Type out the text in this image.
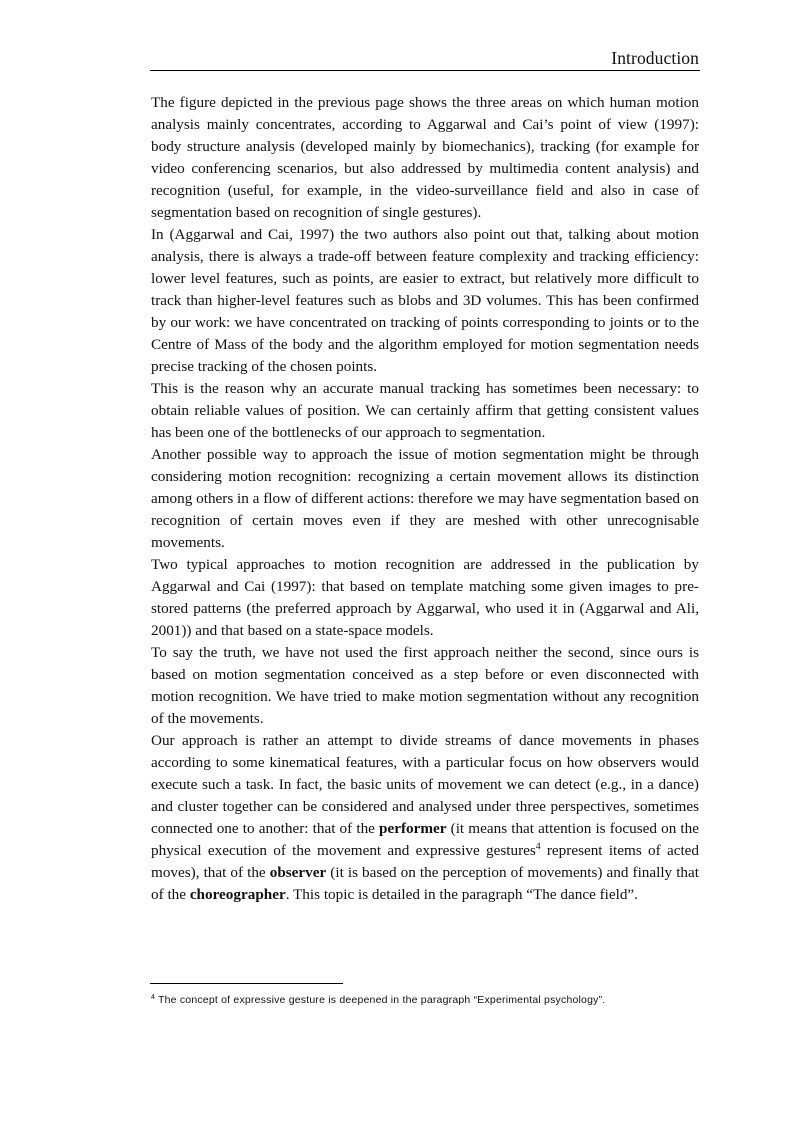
Introduction

The figure depicted in the previous page shows the three areas on which human motion analysis mainly concentrates, according to Aggarwal and Cai’s point of view (1997): body structure analysis (developed mainly by biomechanics), tracking (for example for video conferencing scenarios, but also addressed by multimedia content analysis) and recognition (useful, for example, in the video-surveillance field and also in case of segmentation based on recognition of single gestures).

In (Aggarwal and Cai, 1997) the two authors also point out that, talking about motion analysis, there is always a trade-off between feature complexity and tracking efficiency: lower level features, such as points, are easier to extract, but relatively more difficult to track than higher-level features such as blobs and 3D volumes. This has been confirmed by our work: we have concentrated on tracking of points corresponding to joints or to the Centre of Mass of the body and the algorithm employed for motion segmentation needs precise tracking of the chosen points.

This is the reason why an accurate manual tracking has sometimes been necessary: to obtain reliable values of position. We can certainly affirm that getting consistent values has been one of the bottlenecks of our approach to segmentation.

Another possible way to approach the issue of motion segmentation might be through considering motion recognition: recognizing a certain movement allows its distinction among others in a flow of different actions: therefore we may have segmentation based on recognition of certain moves even if they are meshed with other unrecognisable movements.

Two typical approaches to motion recognition are addressed in the publication by Aggarwal and Cai (1997): that based on template matching some given images to pre-stored patterns (the preferred approach by Aggarwal, who used it in (Aggarwal and Ali, 2001)) and that based on a state-space models.

To say the truth, we have not used the first approach neither the second, since ours is based on motion segmentation conceived as a step before or even disconnected with motion recognition. We have tried to make motion segmentation without any recognition of the movements.

Our approach is rather an attempt to divide streams of dance movements in phases according to some kinematical features, with a particular focus on how observers would execute such a task. In fact, the basic units of movement we can detect (e.g., in a dance) and cluster together can be considered and analysed under three perspectives, sometimes connected one to another: that of the performer (it means that attention is focused on the physical execution of the movement and expressive gestures$^4$ represent items of acted moves), that of the observer (it is based on the perception of movements) and finally that of the choreographer. This topic is detailed in the paragraph “The dance field”.

$^4$ The concept of expressive gesture is deepened in the paragraph “Experimental psychology”.
